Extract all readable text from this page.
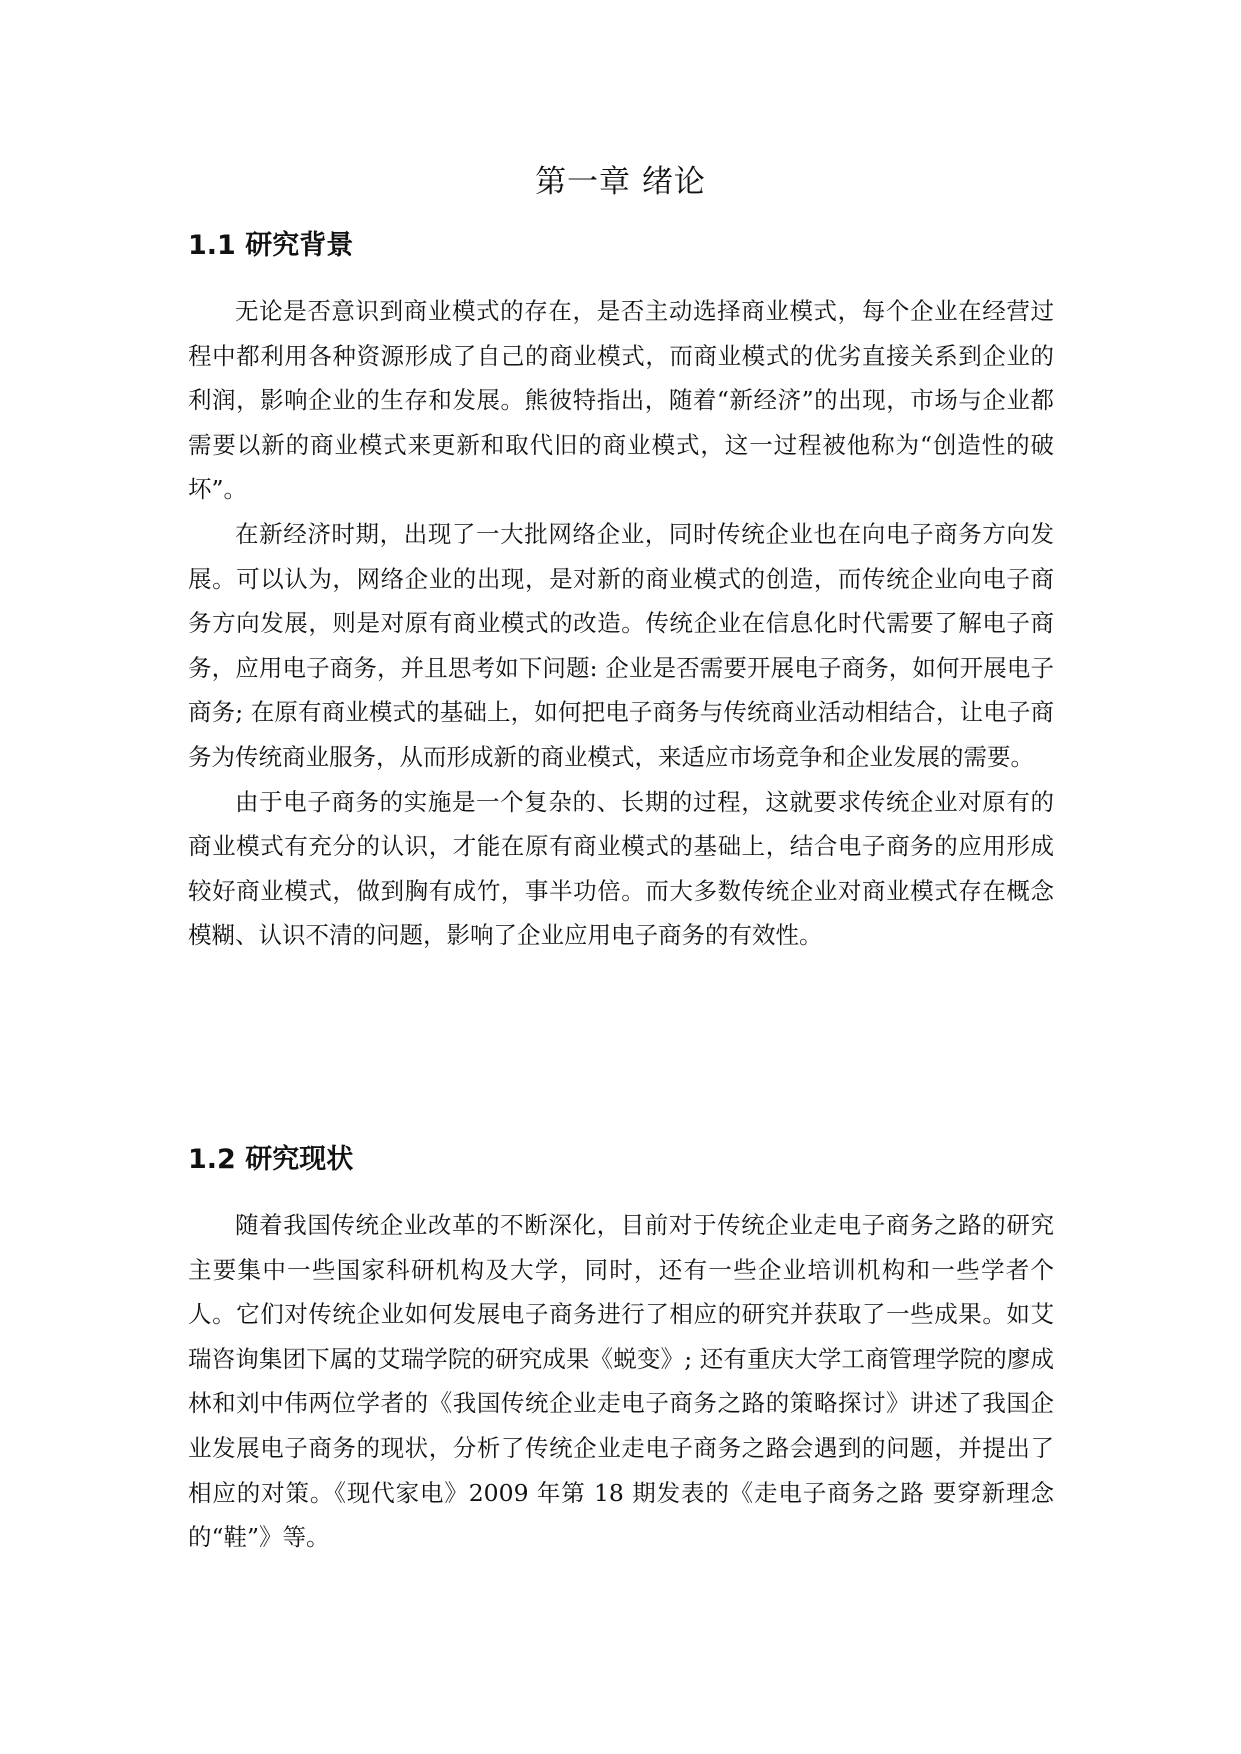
第一章 绪论
1.1 研究背景

无论是否意识到商业模式的存在，是否主动选择商业模式，每个企业在经营过程中都利用各种资源形成了自己的商业模式，而商业模式的优劣直接关系到企业的利润，影响企业的生存和发展。熊彼特指出，随着“新经济”的出现，市场与企业都需要以新的商业模式来更新和取代旧的商业模式，这一过程被他称为“创造性的破坏”。

在新经济时期，出现了一大批网络企业，同时传统企业也在向电子商务方向发展。可以认为，网络企业的出现，是对新的商业模式的创造，而传统企业向电子商务方向发展，则是对原有商业模式的改造。传统企业在信息化时代需要了解电子商务，应用电子商务，并且思考如下问题: 企业是否需要开展电子商务，如何开展电子商务; 在原有商业模式的基础上，如何把电子商务与传统商业活动相结合，让电子商务为传统商业服务，从而形成新的商业模式，来适应市场竞争和企业发展的需要。

由于电子商务的实施是一个复杂的、长期的过程，这就要求传统企业对原有的商业模式有充分的认识，才能在原有商业模式的基础上，结合电子商务的应用形成较好商业模式，做到胸有成竹，事半功倍。而大多数传统企业对商业模式存在概念模糊、认识不清的问题，影响了企业应用电子商务的有效性。

1.2 研究现状

随着我国传统企业改革的不断深化，目前对于传统企业走电子商务之路的研究主要集中一些国家科研机构及大学，同时，还有一些企业培训机构和一些学者个人。它们对传统企业如何发展电子商务进行了相应的研究并获取了一些成果。如艾瑞咨询集团下属的艾瑞学院的研究成果《蜕变》; 还有重庆大学工商管理学院的廖成林和刘中伟两位学者的《我国传统企业走电子商务之路的策略探讨》讲述了我国企业发展电子商务的现状，分析了传统企业走电子商务之路会遇到的问题，并提出了相应的对策。《现代家电》2009 年第 18 期发表的《走电子商务之路 要穿新理念的“鞋”》等。
